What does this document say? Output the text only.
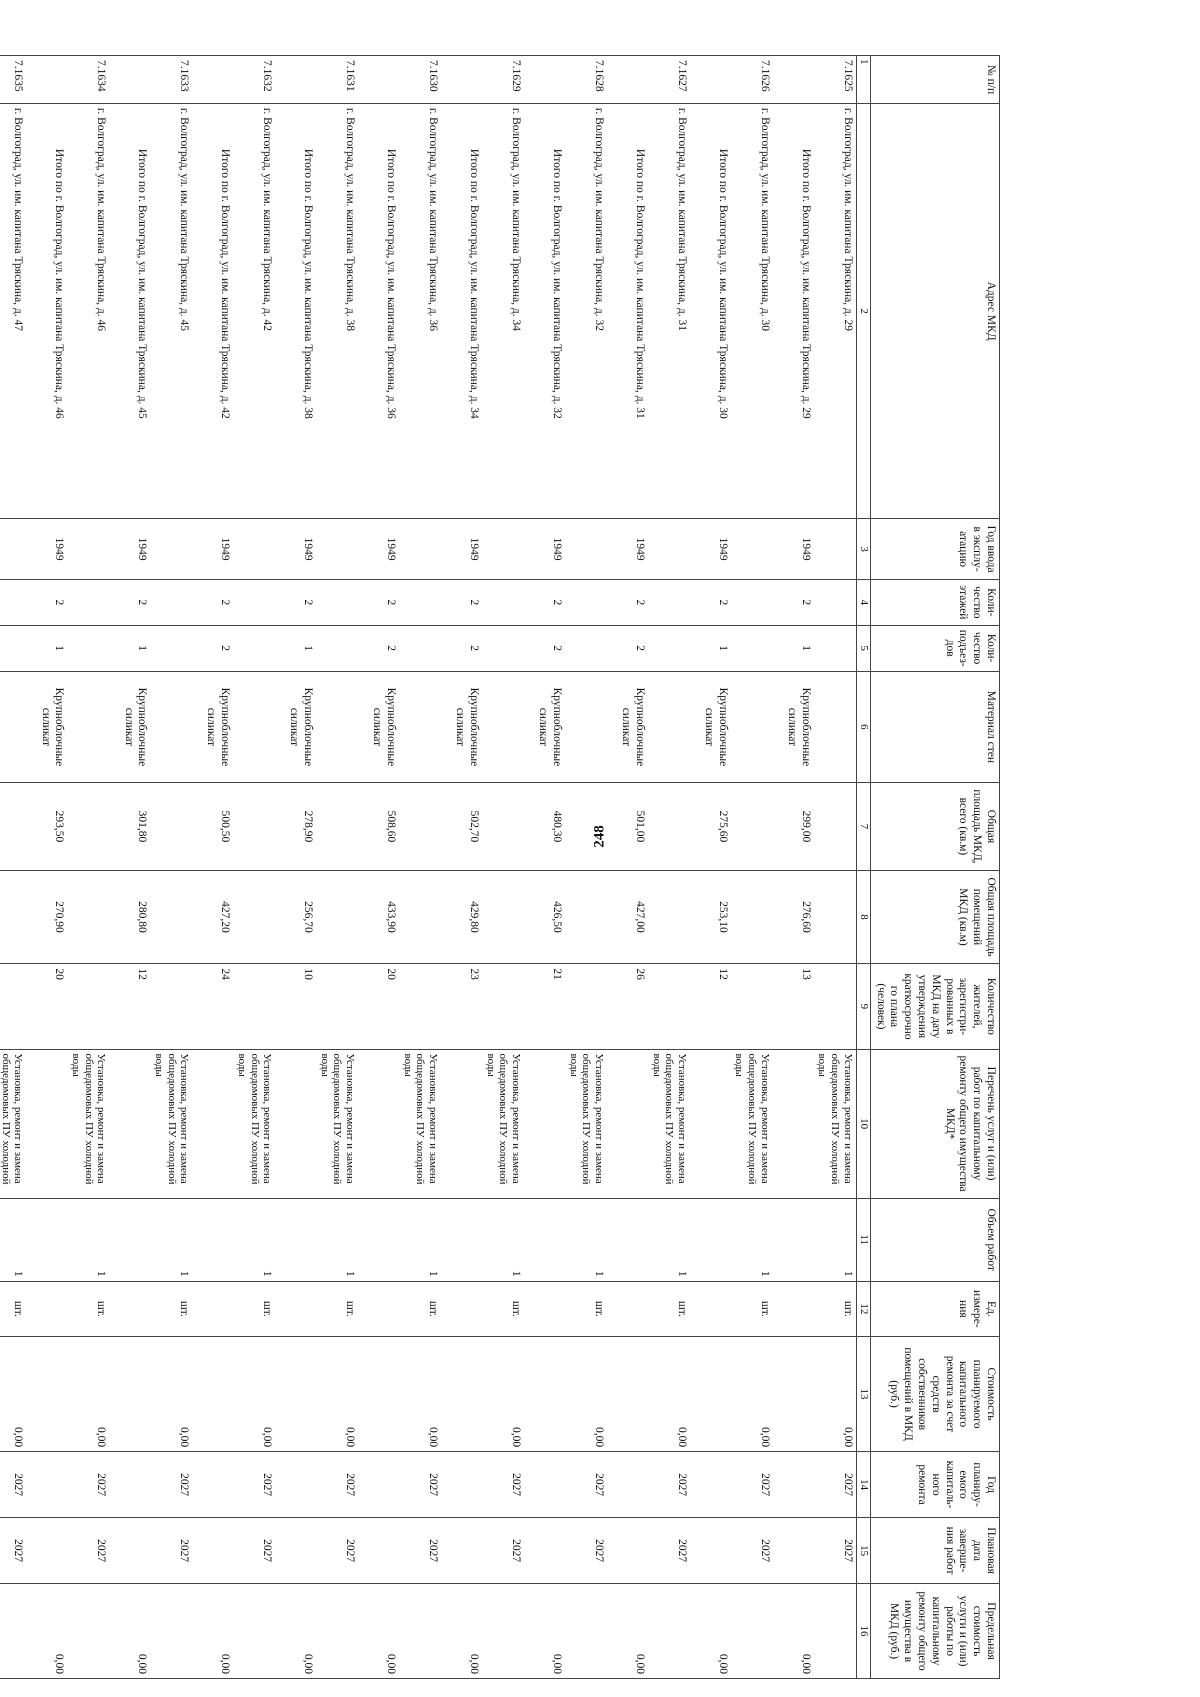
248
№ п/п	Адрес МКД	Год ввода в эксплу-атацию	Коли-чество этажей	Коли-чество подъез-дов	Материал стен	Общая площадь МКД, всего (кв.м)	Общая площадь помещений МКД (кв.м)	Количество жителей, зарегистри-рованных в МКД на дату утверждения краткосрочно го плана (человек)	Перечень услуг и (или) работ по капитальному ремонту общего имущества МКД*	Объем работ	Ед. измере-ния	Стоимость планируемого капитального ремонта за счет средств собственников помещений в МКД (руб.)	Год планиру-емого капиталь-ного ремонта	Плановая дата заверше-ния работ	Предельная стоимость услуги и (или) работы по капитальному ремонту общего имущества в МКД (руб.)
1	2	3	4	5	6	7	8	9	10	11	12	13	14	15	16
7.1625	г. Волгоград, ул. им. капитана Тряскина, д. 29								Установка, ремонт и замена общедомовых ПУ холодной воды	1	шт.	0,00	2027	2027	
	Итого по г. Волгоград, ул. им. капитана Тряскина, д. 29	1949	2	1	Крупноблочные силикат	299,00	276,60	13							0,00
7.1626	г. Волгоград, ул. им. капитана Тряскина, д. 30								Установка, ремонт и замена общедомовых ПУ холодной воды	1	шт.	0,00	2027	2027	
	Итого по г. Волгоград, ул. им. капитана Тряскина, д. 30	1949	2	1	Крупноблочные силикат	275,60	253,10	12							0,00
7.1627	г. Волгоград, ул. им. капитана Тряскина, д. 31								Установка, ремонт и замена общедомовых ПУ холодной воды	1	шт.	0,00	2027	2027	
	Итого по г. Волгоград, ул. им. капитана Тряскина, д. 31	1949	2	2	Крупноблочные силикат	501,00	427,00	26							0,00
7.1628	г. Волгоград, ул. им. капитана Тряскина, д. 32								Установка, ремонт и замена общедомовых ПУ холодной воды	1	шт.	0,00	2027	2027	
	Итого по г. Волгоград, ул. им. капитана Тряскина, д. 32	1949	2	2	Крупноблочные силикат	480,30	426,50	21							0,00
7.1629	г. Волгоград, ул. им. капитана Тряскина, д. 34								Установка, ремонт и замена общедомовых ПУ холодной воды	1	шт.	0,00	2027	2027	
	Итого по г. Волгоград, ул. им. капитана Тряскина, д. 34	1949	2	2	Крупноблочные силикат	502,70	429,80	23							0,00
7.1630	г. Волгоград, ул. им. капитана Тряскина, д. 36								Установка, ремонт и замена общедомовых ПУ холодной воды	1	шт.	0,00	2027	2027	
	Итого по г. Волгоград, ул. им. капитана Тряскина, д. 36	1949	2	2	Крупноблочные силикат	508,60	433,90	20							0,00
7.1631	г. Волгоград, ул. им. капитана Тряскина, д. 38								Установка, ремонт и замена общедомовых ПУ холодной воды	1	шт.	0,00	2027	2027	
	Итого по г. Волгоград, ул. им. капитана Тряскина, д. 38	1949	2	1	Крупноблочные силикат	278,90	256,70	10							0,00
7.1632	г. Волгоград, ул. им. капитана Тряскина, д. 42								Установка, ремонт и замена общедомовых ПУ холодной воды	1	шт.	0,00	2027	2027	
	Итого по г. Волгоград, ул. им. капитана Тряскина, д. 42	1949	2	2	Крупноблочные силикат	500,50	427,20	24							0,00
7.1633	г. Волгоград, ул. им. капитана Тряскина, д. 45								Установка, ремонт и замена общедомовых ПУ холодной воды	1	шт.	0,00	2027	2027	
	Итого по г. Волгоград, ул. им. капитана Тряскина, д. 45	1949	2	1	Крупноблочные силикат	301,80	280,80	12							0,00
7.1634	г. Волгоград, ул. им. капитана Тряскина, д. 46								Установка, ремонт и замена общедомовых ПУ холодной воды	1	шт.	0,00	2027	2027	
	Итого по г. Волгоград, ул. им. капитана Тряскина, д. 46	1949	2	1	Крупноблочные силикат	293,50	270,90	20							0,00
7.1635	г. Волгоград, ул. им. капитана Тряскина, д. 47								Установка, ремонт и замена общедомовых ПУ холодной	1	шт.	0,00	2027	2027	
